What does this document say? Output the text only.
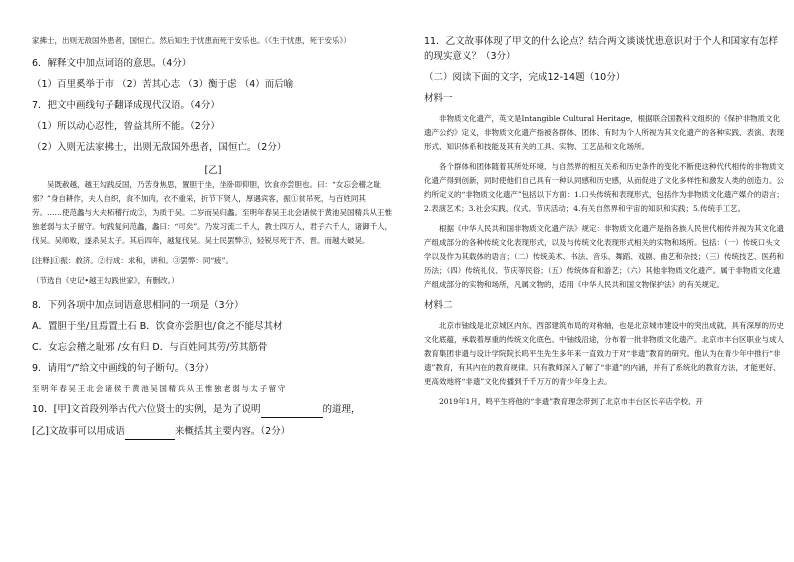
家拂士，出则无敌国外患者，国恒亡。然后知生于忧患而死于安乐也。（《生于忧患，死于安乐》）

6．解释文中加点词语的意思。（4分）

（1）百里奚举于市 （2）苦其心志 （3）衡于虑 （4）而后喻

7．把文中画线句子翻译成现代汉语。（4分）

（1）所以动心忍性，曾益其所不能。（2分）

（2）入则无法家拂士，出则无敌国外患者，国恒亡。（2分）

[乙]

吴既赦越，越王勾践反国，乃苦身焦思，置胆于坐，坐卧即仰胆，饮食亦尝胆也。曰：“女忘会稽之耻邪？”身自耕作，夫人自织，食不加肉，衣不重采，折节下贤人，厚遇宾客，振①贫吊死，与百姓同其劳。……使范蠡与大夫柘稽行成②，为质于吴。二岁而吴归蠡。至明年春吴王北会诸侯于黄池吴国精兵从王惟独老弱与太子留守。句践复问范蠡，蠡曰：“可矣”。乃发习流二千人，教士四万人，君子六千人，诸御千人，伐吴。吴师败，遂杀吴太子。其后四年，越复伐吴。吴士民罢弊③，轻锐尽死于齐、晋。而越大破吴。

[注释]①振：救济。②行成：求和，讲和。③罢弊：同“疲”。

（节选自《史记•越王勾践世家》，有删改。）

8．下列各项中加点词语意思相同的一项是（3分）

A．置胆于坐/且焉置土石 B．饮食亦尝胆也/食之不能尽其材

C．女忘会稽之耻邪 /女有归 D．与百姓同其劳/劳其筋骨

9．请用“/”给文中画线的句子断句。（3分）

至明年春吴王北会诸侯于黄池吴国精兵从王惟独老弱与太子留守

10．[甲]文首段列举古代六位贤士的实例，是为了说明	的道理，

[乙]文故事可以用成语	来概括其主要内容。（2分）

11．乙文故事体现了甲文的什么论点？结合两文谈谈忧患意识对于个人和国家有怎样的现实意义？（3分）

（二）阅读下面的文字，完成12-14题（10分）

材料一

非物质文化遗产，英文是Intangible Cultural Heritage，根据联合国教科文组织的《保护非物质文化遗产公约》定义，非物质文化遗产指被各群体、团体、有时为个人所视为其文化遗产的各种实践、表演、表现形式、知识体系和技能及其有关的工具、实物、工艺品和文化场所。

各个群体和团体随着其所处环境、与自然界的相互关系和历史条件的变化不断使这种代代相传的非物质文化遗产得到创新，同时使他们自己具有一种认同感和历史感，从而促进了文化多样性和激发人类的创造力。公约所定义的“非物质文化遗产”包括以下方面：1.口头传统和表现形式，包括作为非物质文化遗产媒介的语言；2.表演艺术；3.社会实践、仪式、节庆活动；4.有关自然界和宇宙的知识和实践；5.传统手工艺。

根据《中华人民共和国非物质文化遗产法》规定：非物质文化遗产是指各族人民世代相传并视为其文化遗产组成部分的各种传统文化表现形式，以及与传统文化表现形式相关的实物和场所。包括：（一）传统口头文学以及作为其载体的语言；（二）传统美术、书法、音乐、舞蹈、戏剧、曲艺和杂技；（三）传统技艺、医药和历法；（四）传统礼仪、节庆等民俗；（五）传统体育和游艺；（六）其他非物质文化遗产。属于非物质文化遗产组成部分的实物和场所，凡属文物的，适用《中华人民共和国文物保护法》的有关规定。

材料二

北京市铀线是北京城区内东、西部建筑布局的对称轴，也是北京城市建设中的突出成就，具有深厚的历史文化底蕴，承载着厚重的传统文化底色。中铀线沿途，分布着一批非物质文化遗产。北京市丰台区职业与成人教育集团非遗与设计学院院长呜平生先生多年来一直致力于对“非遗”教育的研究。他认为在青少年中推行“非遗”教育，有其内在的教育规律。只有教师深入了解了“非遗”的内涵，并有了系统化的教育方法，才能更好、更高效地将“非遗”文化传播到千千万万的青少年身上去。

2019年1月，鸣平生将他的“非遗”教育理念带到了北京市丰台区长辛店学校、开
